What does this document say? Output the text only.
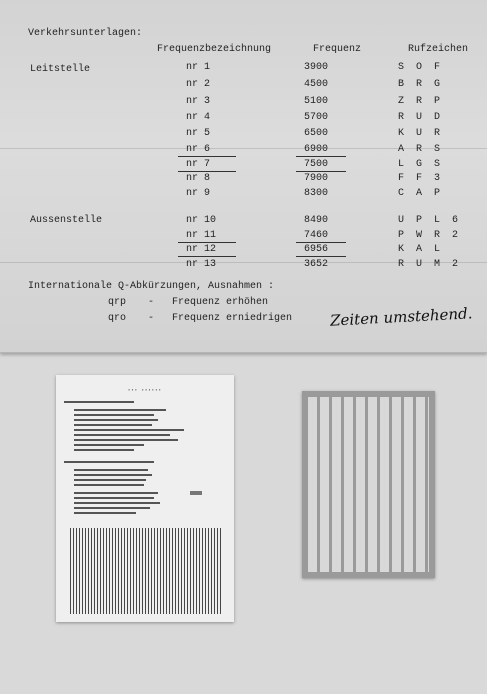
Verkehrsunterlagen:
Frequenzbezeichnung	Frequenz	Rufzeichen
Leitstelle	nr 1	3900	S O F
nr 2	4500	B R G
nr 3	5100	Z R P
nr 4	5700	R U D
nr 5	6500	K U R
nr 6	6900	A R S
nr 7	7500	L G S
nr 8	7900	F F 3
nr 9	8300	C A P
Aussenstelle	nr 10	8490	U P L 6
nr 11	7460	P W R 2
nr 12	6956	K A L
nr 13	3652	R U M 2
Internationale Q-Abkürzungen, Ausnahmen :
qrp - Frequenz erhöhen
qro - Frequenz erniedrigen	Zeiten umstehend.
▪▪▪ ▪▪▪▪▪▪
